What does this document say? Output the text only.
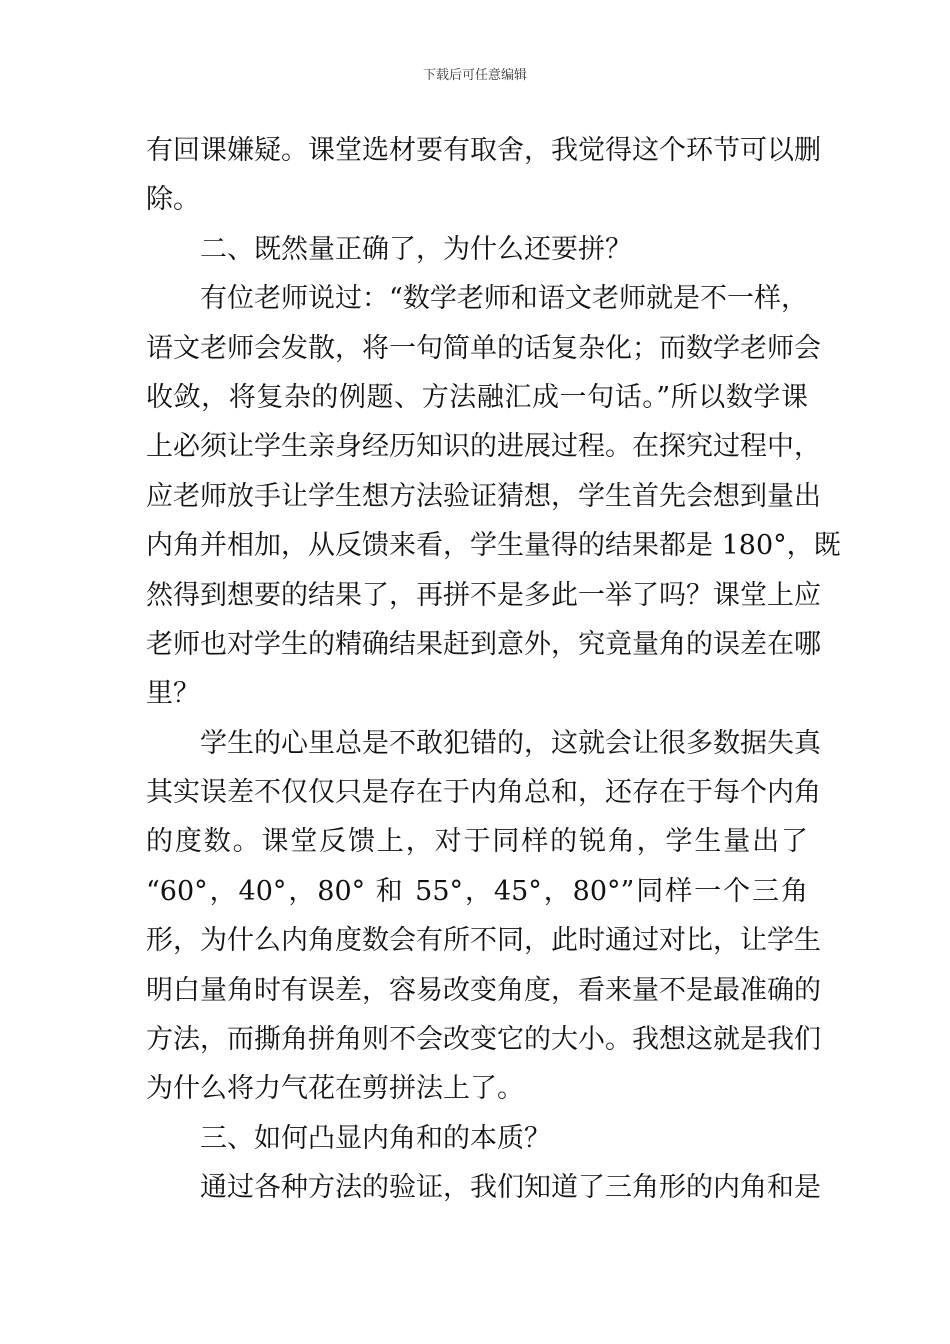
下载后可任意编辑
有回课嫌疑。课堂选材要有取舍，我觉得这个环节可以删
除。
二、既然量正确了，为什么还要拼？
有位老师说过：“数学老师和语文老师就是不一样，
语文老师会发散，将一句简单的话复杂化；而数学老师会
收敛，将复杂的例题、方法融汇成一句话。”所以数学课
上必须让学生亲身经历知识的进展过程。在探究过程中，
应老师放手让学生想方法验证猜想，学生首先会想到量出
内角并相加，从反馈来看，学生量得的结果都是 180°，既
然得到想要的结果了，再拼不是多此一举了吗？课堂上应
老师也对学生的精确结果赶到意外，究竟量角的误差在哪
里？
学生的心里总是不敢犯错的，这就会让很多数据失真
其实误差不仅仅只是存在于内角总和，还存在于每个内角
的度数。课堂反馈上，对于同样的锐角，学生量出了
“60°，40°，80° 和 55°，45°，80°”同样一个三角
形，为什么内角度数会有所不同，此时通过对比，让学生
明白量角时有误差，容易改变角度，看来量不是最准确的
方法，而撕角拼角则不会改变它的大小。我想这就是我们
为什么将力气花在剪拼法上了。
三、如何凸显内角和的本质？
通过各种方法的验证，我们知道了三角形的内角和是
